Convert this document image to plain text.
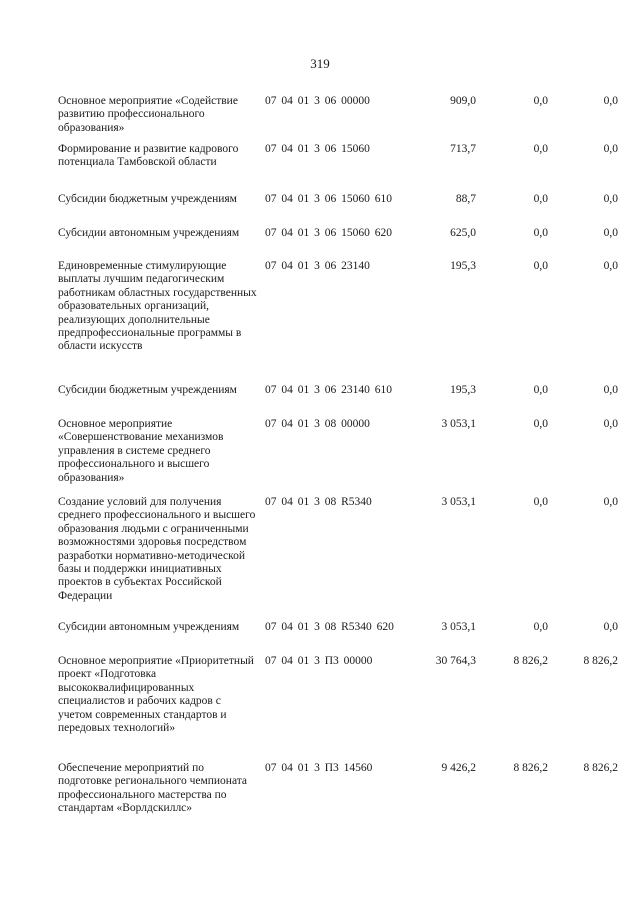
319
Основное мероприятие «Содействие развитию профессионального образования»
07 04 01 3 06 00000	909,0	0,0	0,0
Формирование и развитие кадрового потенциала Тамбовской области
07 04 01 3 06 15060	713,7	0,0	0,0
Субсидии бюджетным учреждениям	07 04 01 3 06 15060 610	88,7	0,0	0,0
Субсидии автономным учреждениям	07 04 01 3 06 15060 620	625,0	0,0	0,0
Единовременные стимулирующие выплаты лучшим педагогическим работникам областных государственных образовательных организаций, реализующих дополнительные предпрофессиональные программы в области искусств
07 04 01 3 06 23140	195,3	0,0	0,0
Субсидии бюджетным учреждениям	07 04 01 3 06 23140 610	195,3	0,0	0,0
Основное мероприятие «Совершенствование механизмов управления в системе среднего профессионального и высшего образования»
07 04 01 3 08 00000	3 053,1	0,0	0,0
Создание условий для получения среднего профессионального и высшего образования людьми с ограниченными возможностями здоровья посредством разработки нормативно-методической базы и поддержки инициативных проектов в субъектах Российской Федерации
07 04 01 3 08 R5340	3 053,1	0,0	0,0
Субсидии автономным учреждениям	07 04 01 3 08 R5340 620	3 053,1	0,0	0,0
Основное мероприятие «Приоритетный проект «Подготовка высококвалифицированных специалистов и рабочих кадров с учетом современных стандартов и передовых технологий»
07 04 01 3 П3 00000	30 764,3	8 826,2	8 826,2
Обеспечение мероприятий по подготовке регионального чемпионата профессионального мастерства по стандартам «Ворлдскиллс»
07 04 01 3 П3 14560	9 426,2	8 826,2	8 826,2
